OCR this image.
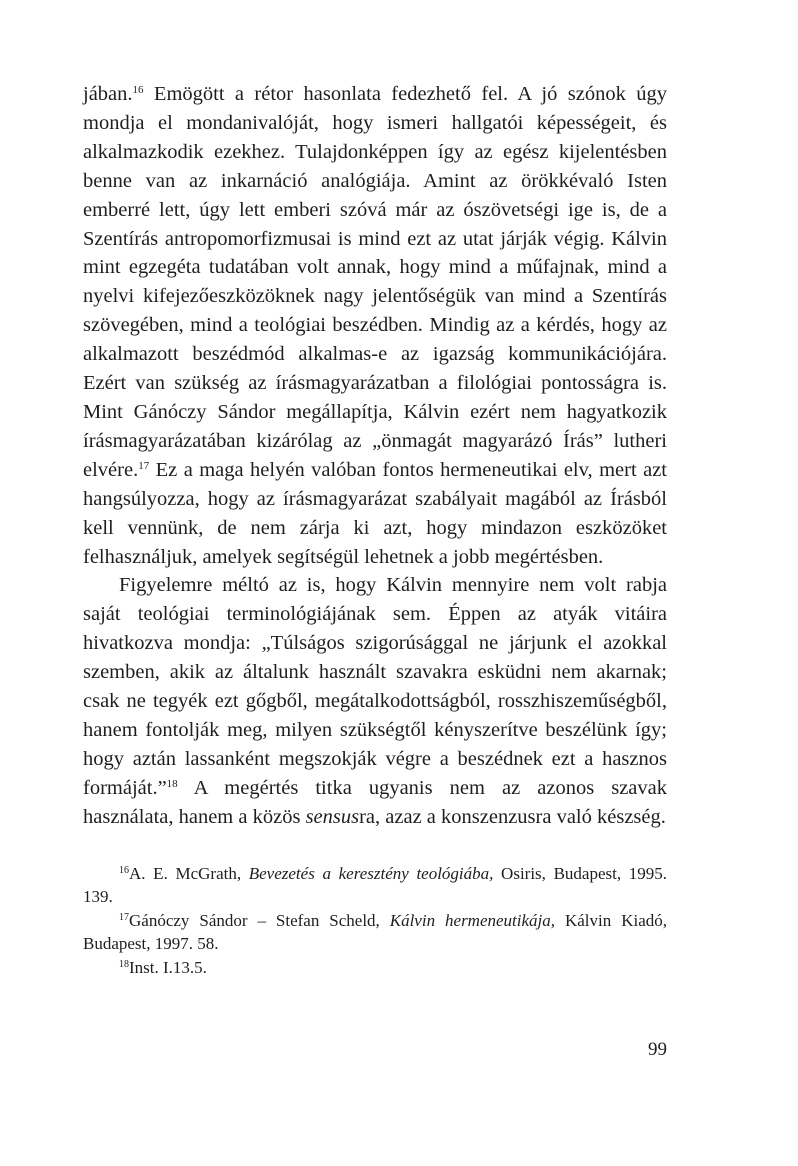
jában.$^{16}$ Emögött a rétor hasonlata fedezhető fel. A jó szónok úgy mondja el mondanivalóját, hogy ismeri hallgatói képességeit, és alkalmazkodik ezekhez. Tulajdonképpen így az egész kijelentésben benne van az inkarnáció analógiája. Amint az örökkévaló Isten emberré lett, úgy lett emberi szóvá már az ószövetségi ige is, de a Szentírás antropomorfizmusai is mind ezt az utat járják végig. Kálvin mint egzegéta tudatában volt annak, hogy mind a műfajnak, mind a nyelvi kifejezőeszközöknek nagy jelentőségük van mind a Szentírás szövegében, mind a teológiai beszédben. Mindig az a kérdés, hogy az alkalmazott beszédmód alkalmas-e az igazság kommunikációjára. Ezért van szükség az írásmagyarázatban a filológiai pontosságra is. Mint Gánóczy Sándor megállapítja, Kálvin ezért nem hagyatkozik írásmagyarázatában kizárólag az „önmagát magyarázó Írás” lutheri elvére.$^{17}$ Ez a maga helyén valóban fontos hermeneutikai elv, mert azt hangsúlyozza, hogy az írásmagyarázat szabályait magából az Írásból kell vennünk, de nem zárja ki azt, hogy mindazon eszközöket felhasználjuk, amelyek segítségül lehetnek a jobb megértésben.

Figyelemre méltó az is, hogy Kálvin mennyire nem volt rabja saját teológiai terminológiájának sem. Éppen az atyák vitáira hivatkozva mondja: „Túlságos szigorúsággal ne járjunk el azokkal szemben, akik az általunk használt szavakra esküdni nem akarnak; csak ne tegyék ezt gőgből, megátalkodottságból, rosszhiszeműségből, hanem fontolják meg, milyen szükségtől kényszerítve beszélünk így; hogy aztán lassanként megszokják végre a beszédnek ezt a hasznos formáját.”$^{18}$ A megértés titka ugyanis nem az azonos szavak használata, hanem a közös sensusra, azaz a konszenzusra való készség.

$^{16}$A. E. McGrath, Bevezetés a keresztény teológiába, Osiris, Budapest, 1995. 139.

$^{17}$Gánóczy Sándor – Stefan Scheld, Kálvin hermeneutikája, Kálvin Kiadó, Budapest, 1997. 58.

$^{18}$Inst. I.13.5.

99
